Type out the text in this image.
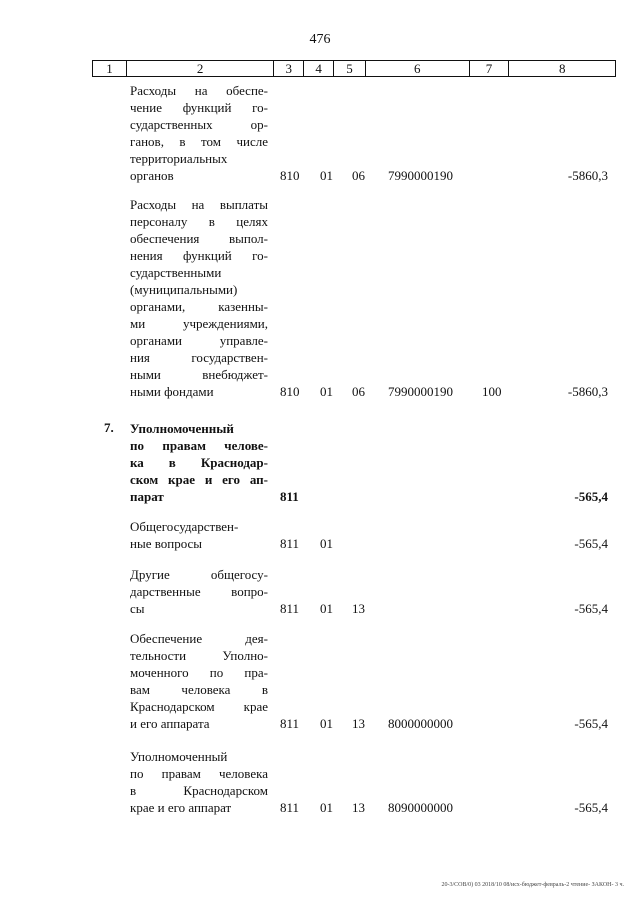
476
1	2	3	4	5	6	7	8
Расходы на обеспе-
чение функций го-
сударственных ор-
ганов, в том числе
территориальных
органов	810 01 06 7990000190	-5860,3
Расходы на выплаты
персоналу в целях
обеспечения выпол-
нения функций го-
сударственными
(муниципальными)
органами, казенны-
ми учреждениями,
органами управле-
ния государствен-
ными внебюджет-
ными фондами	810 01 06 7990000190 100	-5860,3
7.	Уполномоченный
по правам человe-
ка в Краснодар-
ском крае и его ап-
парат	811	-565,4
Общегосударствен-
ные вопросы	811 01	-565,4
Другие общегосу-
дарственные вопро-
сы	811 01 13	-565,4
Обеспечение дея-
тельности Уполно-
моченного по пра-
вам человека в
Краснодарском крае
и его аппарата	811 01 13 8000000000	-565,4
Уполномоченный
по правам человека
в Краснодарском
крае и его аппарат	811 01 13 8090000000	-565,4
20-3/COB/0) 03 2018/10 08/исх-бюджет-февраль-2 чтение- ЗАКОН- 3 ч.
